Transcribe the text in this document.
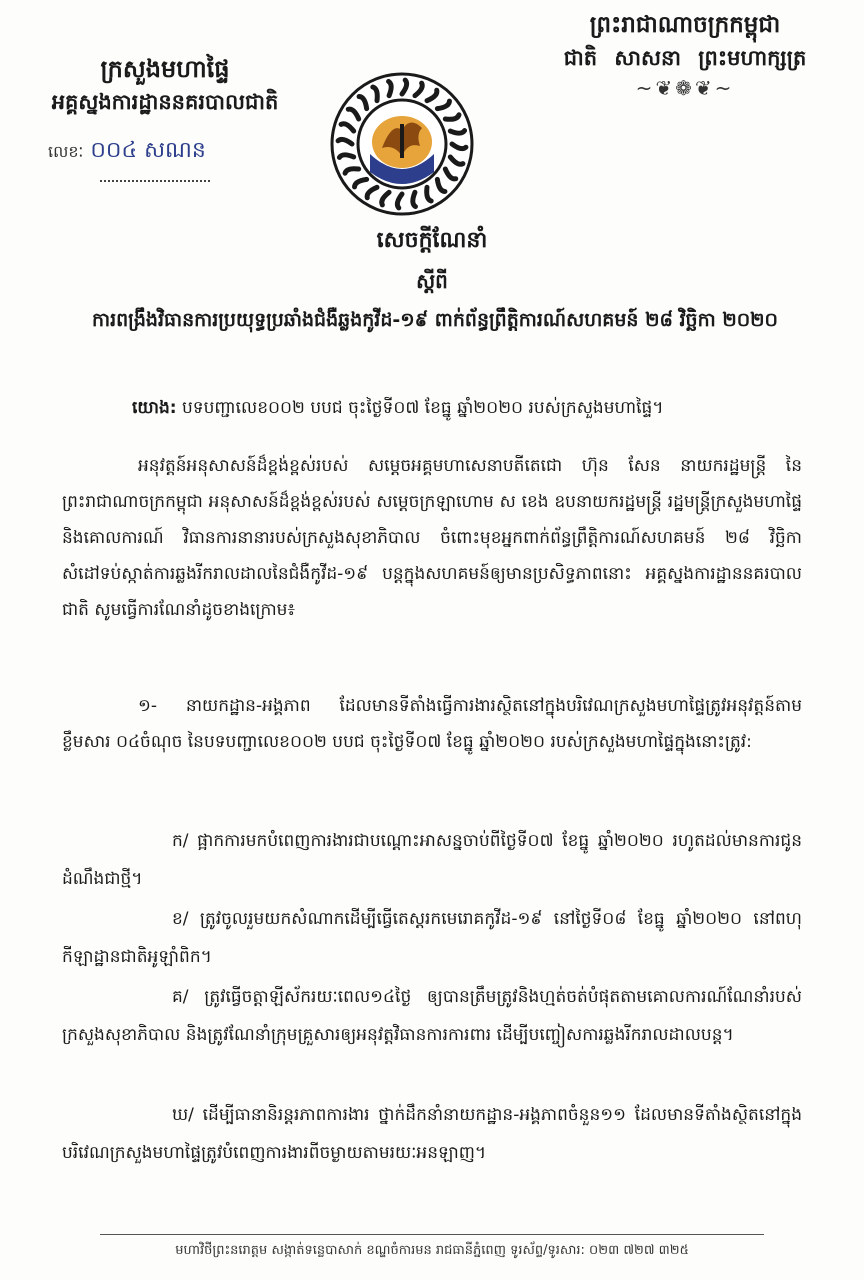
ក្រសួងមហាផ្ទៃ
អគ្គស្នងការដ្ឋាននគរបាលជាតិ
លេខៈ ០០៤ សណន
ព្រះរាជាណាចក្រកម្ពុជា
ជាតិ សាសនា ព្រះមហាក្សត្រ
~❦❁❦~
សេចក្ដីណែនាំ
ស្ដីពី
ការពង្រឹងវិធានការប្រយុទ្ធប្រឆាំងជំងឺឆ្លងកូវីដ-១៩ ពាក់ព័ន្ធព្រឹត្តិការណ៍សហគមន៍ ២៨ វិច្ឆិកា ២០២០
យោង: បទបញ្ជាលេខ០០២ បបជ ចុះថ្ងៃទី០៧ ខែធ្នូ ឆ្នាំ២០២០ របស់ក្រសួងមហាផ្ទៃ។
អនុវត្តន៍អនុសាសន៍ដ៏ខ្ពង់ខ្ពស់របស់ សម្តេចអគ្គមហាសេនាបតីតេជោ ហ៊ុន សែន នាយករដ្ឋមន្ត្រី នៃព្រះរាជាណាចក្រកម្ពុជា អនុសាសន៍ដ៏ខ្ពង់ខ្ពស់របស់ សម្តេចក្រឡាហោម ស ខេង ឧបនាយករដ្ឋមន្ត្រី រដ្ឋមន្ត្រីក្រសួងមហាផ្ទៃ និងគោលការណ៍ វិធានការនានារបស់ក្រសួងសុខាភិបាល ចំពោះមុខអ្នកពាក់ព័ន្ធព្រឹត្តិការណ៍សហគមន៍ ២៨ វិច្ឆិកា សំដៅទប់ស្កាត់ការឆ្លងរីករាលដាលនៃជំងឺកូវីដ-១៩ បន្តក្នុងសហគមន៍ឲ្យមានប្រសិទ្ធភាពនោះ អគ្គស្នងការដ្ឋាននគរបាលជាតិ សូមធ្វើការណែនាំដូចខាងក្រោម៖
១- នាយកដ្ឋាន-អង្គភាព ដែលមានទីតាំងធ្វើការងារស្ថិតនៅក្នុងបរិវេណក្រសួងមហាផ្ទៃត្រូវអនុវត្តន៍តាមខ្លឹមសារ ០៤ចំណុច នៃបទបញ្ជាលេខ០០២ បបជ ចុះថ្ងៃទី០៧ ខែធ្នូ ឆ្នាំ២០២០ របស់ក្រសួងមហាផ្ទៃក្នុងនោះត្រូវ:
ក/ ផ្អាកការមកបំពេញការងារជាបណ្ដោះអាសន្នចាប់ពីថ្ងៃទី០៧ ខែធ្នូ ឆ្នាំ២០២០ រហូតដល់មានការជូនដំណឹងជាថ្មី។
ខ/ ត្រូវចូលរួមយកសំណាកដើម្បីធ្វើតេស្តរកមេរោគកូវីដ-១៩ នៅថ្ងៃទី០៨ ខែធ្នូ ឆ្នាំ២០២០ នៅពហុកីឡាដ្ឋានជាតិអូឡាំពិក។
គ/ ត្រូវធ្វើចត្តាឡីស័ករយៈពេល១៤ថ្ងៃ ឲ្យបានត្រឹមត្រូវនិងហ្មត់ចត់បំផុតតាមគោលការណ៍ណែនាំរបស់ក្រសួងសុខាភិបាល និងត្រូវណែនាំក្រុមគ្រួសារឲ្យអនុវត្តវិធានការការពារ ដើម្បីបញ្ចៀសការឆ្លងរីករាលដាលបន្ត។
ឃ/ ដើម្បីធានានិរន្តរភាពការងារ ថ្នាក់ដឹកនាំនាយកដ្ឋាន-អង្គភាពចំនួន១១ ដែលមានទីតាំងស្ថិតនៅក្នុងបរិវេណក្រសួងមហាផ្ទៃត្រូវបំពេញការងារពីចម្ងាយតាមរយៈអនឡាញ។
មហាវិថីព្រះនរោត្តម សង្កាត់ទន្លេបាសាក់ ខណ្ឌចំការមន រាជធានីភ្នំពេញ ទូរស័ព្ទ/ទូរសារ: ០២៣ ៧២៧ ៣២៥
